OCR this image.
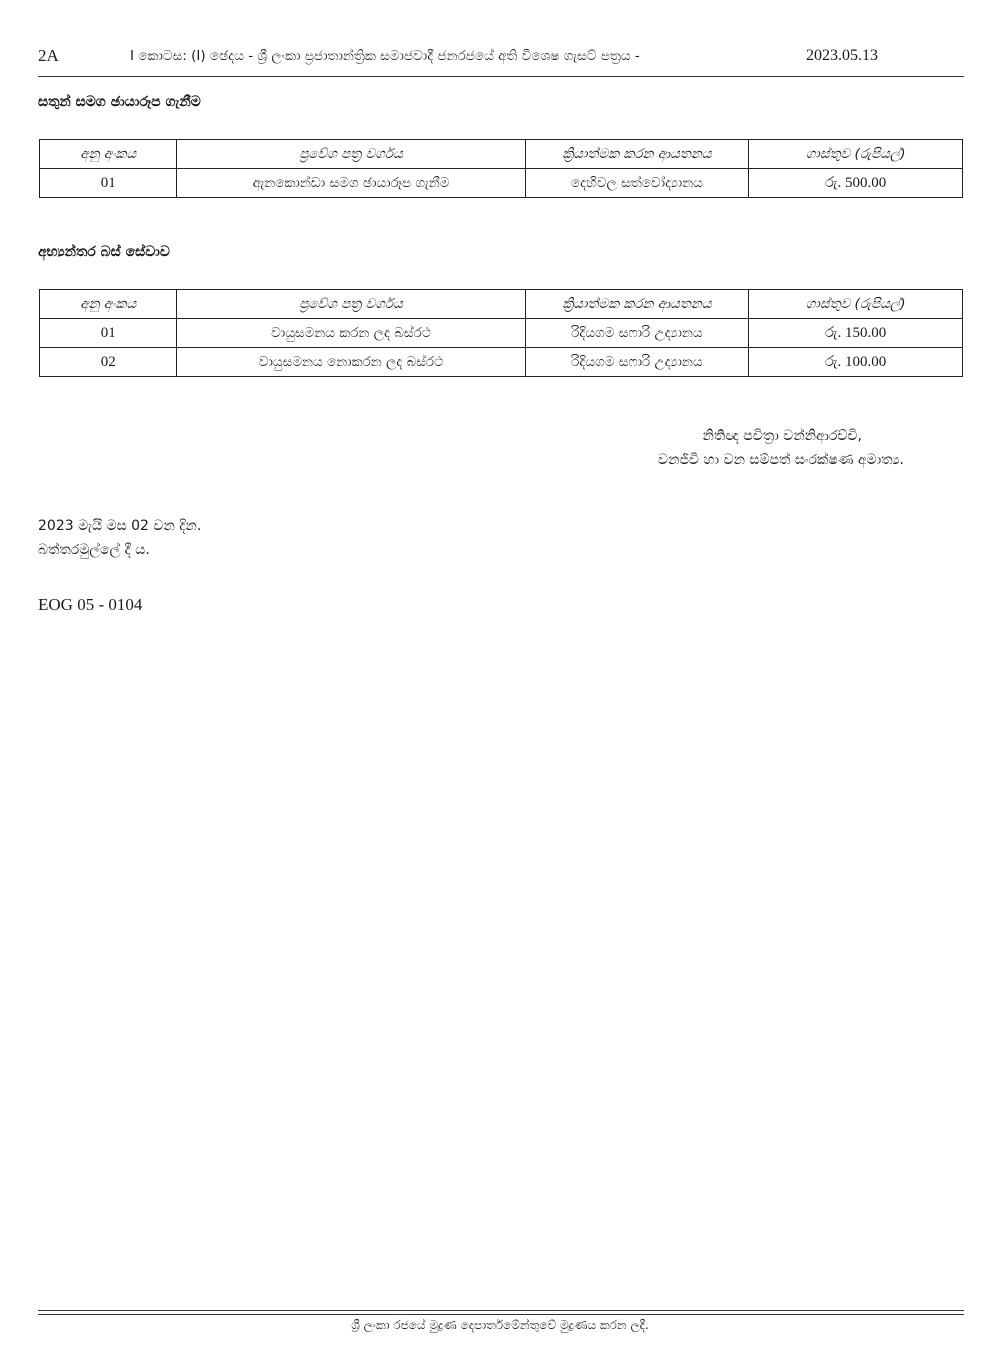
2A	I කොටස: (I) ඡෙදය - ශ්‍රී ලංකා ප්‍රජාතාන්ත්‍රික සමාජවාදී ජනරජයේ අති විශෙෂ ගැසට් පත්‍රය -	2023.05.13
සතුන් සමග ඡායාරූප ගැනීම
අනු අංකය	ප්‍රවේශ පත්‍ර වර්ගය	ක්‍රියාත්මක කරන ආයතනය	ගාස්තුව (රුපියල්)
01	ඇනකොන්ඩා සමග ඡායාරූප ගැනීම	දෙහිවල සත්වෝද්‍යානය	රු. 500.00
අභ්‍යන්තර බස් සේවාව
අනු අංකය	ප්‍රවේශ පත්‍ර වර්ගය	ක්‍රියාත්මක කරන ආයතනය	ගාස්තුව (රුපියල්)
01	වායුසමනය කරන ලද බස්රථ	රිදියගම සෆාරි උද්‍යානය	රු. 150.00
02	වායුසමනය නොකරන ලද බස්රථ	රිදියගම සෆාරි උද්‍යානය	රු. 100.00
නිතිඥ පවිත්‍රා වන්නිආරච්චි,
වනජීවී හා වන සම්පත් සංරක්ෂණ අමාත්‍ය.
2023 මැයි මස 02 වන දින.
බත්තරමුල්ලේ දී ය.
EOG 05 - 0104
ශ්‍රී ලංකා රජයේ මුද්‍රණ දෙපාර්තමේන්තුවේ මුද්‍රණය කරන ලදී.
